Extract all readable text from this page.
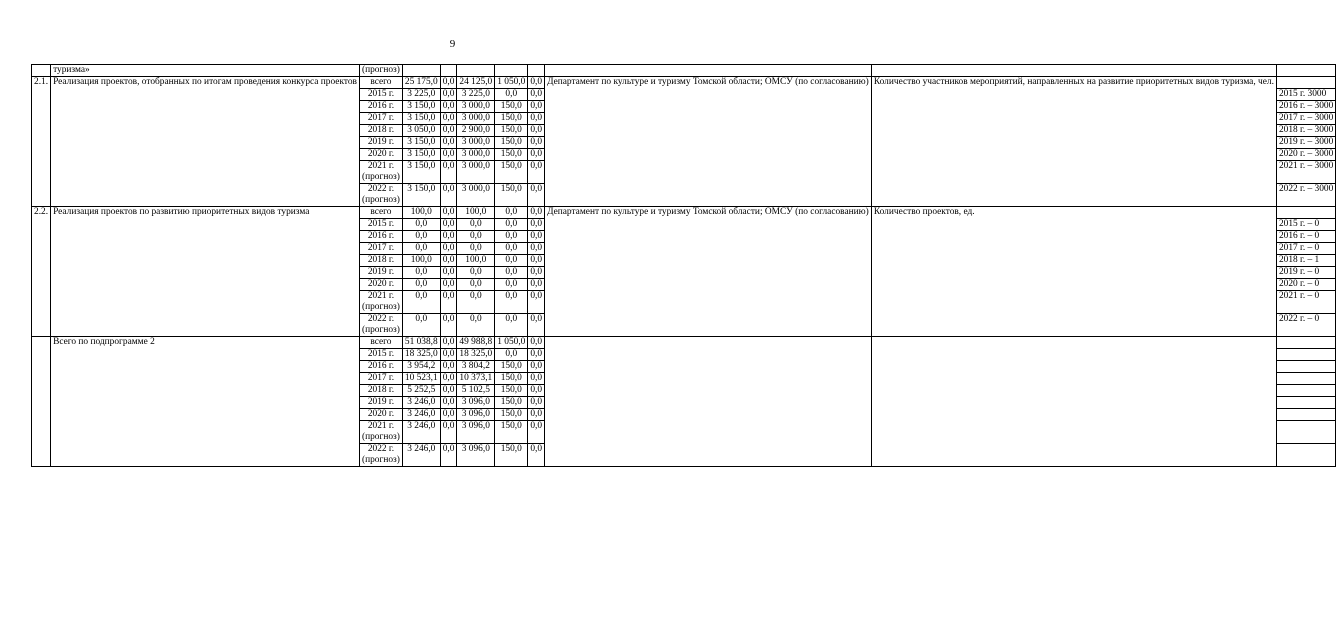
9
	туризма»	(прогноз)								
2.1.	Реализация проектов, отобранных по итогам проведения конкурса проектов	всего	25 175,0	0,0	24 125,0	1 050,0	0,0	Департамент по культуре и туризму Томской области; ОМСУ (по согласованию)	Количество участников мероприятий, направленных на развитие приоритетных видов туризма, чел.	

		2015 г.	3 225,0	0,0	3 225,0	0,0	0,0			2015 г. 3000

		2016 г.	3 150,0	0,0	3 000,0	150,0	0,0			2016 г. – 3000

		2017 г.	3 150,0	0,0	3 000,0	150,0	0,0			2017 г. – 3000

		2018 г.	3 050,0	0,0	2 900,0	150,0	0,0			2018 г. – 3000

		2019 г.	3 150,0	0,0	3 000,0	150,0	0,0			2019 г. – 3000

		2020 г.	3 150,0	0,0	3 000,0	150,0	0,0			2020 г. – 3000

		2021 г.
(прогноз)	3 150,0	0,0	3 000,0	150,0	0,0			2021 г. – 3000

		2022 г.
(прогноз)	3 150,0	0,0	3 000,0	150,0	0,0			2022 г. – 3000
2.2.	Реализация проектов по развитию приоритетных видов туризма	всего	100,0	0,0	100,0	0,0	0,0	Департамент по культуре и туризму Томской области; ОМСУ (по согласованию)	Количество проектов, ед.	

		2015 г.	0,0	0,0	0,0	0,0	0,0			2015 г. – 0

		2016 г.	0,0	0,0	0,0	0,0	0,0			2016 г. – 0

		2017 г.	0,0	0,0	0,0	0,0	0,0			2017 г. – 0

		2018 г.	100,0	0,0	100,0	0,0	0,0			2018 г. – 1

		2019 г.	0,0	0,0	0,0	0,0	0,0			2019 г. – 0

		2020 г.	0,0	0,0	0,0	0,0	0,0			2020 г. – 0

		2021 г.
(прогноз)	0,0	0,0	0,0	0,0	0,0			2021 г. – 0

		2022 г.
(прогноз)	0,0	0,0	0,0	0,0	0,0			2022 г. – 0
	Всего по подпрограмме 2	всего	51 038,8	0,0	49 988,8	1 050,0	0,0			

		2015 г.	18 325,0	0,0	18 325,0	0,0	0,0			

		2016 г.	3 954,2	0,0	3 804,2	150,0	0,0			

		2017 г.	10 523,1	0,0	10 373,1	150,0	0,0			

		2018 г.	5 252,5	0,0	5 102,5	150,0	0,0			

		2019 г.	3 246,0	0,0	3 096,0	150,0	0,0			

		2020 г.	3 246,0	0,0	3 096,0	150,0	0,0			

		2021 г.
(прогноз)	3 246,0	0,0	3 096,0	150,0	0,0			

		2022 г.
(прогноз)	3 246,0	0,0	3 096,0	150,0	0,0			
